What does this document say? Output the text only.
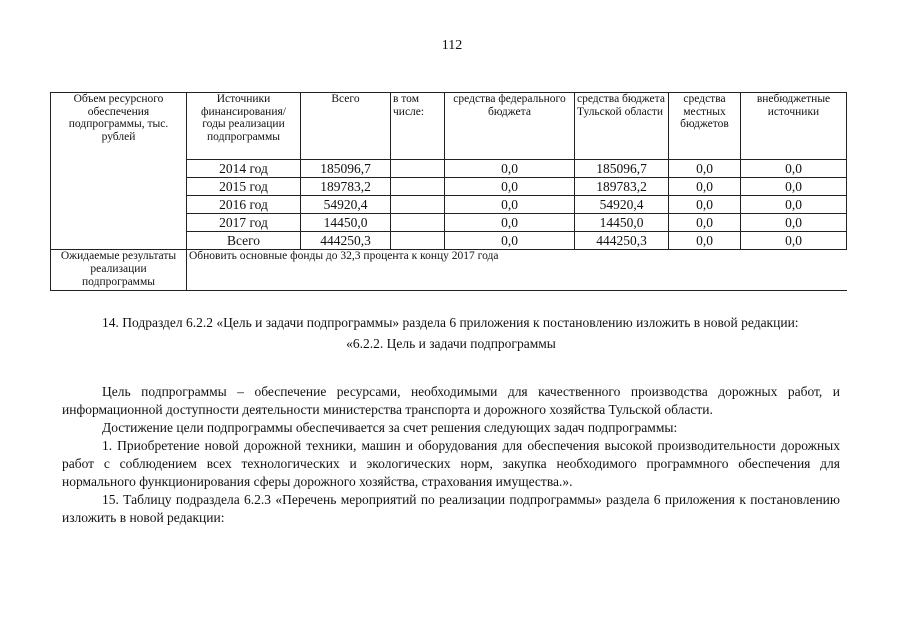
112
Объем ресурсного обеспечения подпрограммы, тыс. рублей	Источники финансирования/ годы реализации подпрограммы	Всего	в том числе:	средства федерального бюджета	средства бюджета Тульской области	средства местных бюджетов	внебюджетные источники
	2014 год	185096,7		0,0	185096,7	0,0	0,0
	2015 год	189783,2		0,0	189783,2	0,0	0,0
	2016 год	54920,4		0,0	54920,4	0,0	0,0
	2017 год	14450,0		0,0	14450,0	0,0	0,0
	Всего	444250,3		0,0	444250,3	0,0	0,0
Ожидаемые результаты реализации подпрограммы	Обновить основные фонды до 32,3 процента к концу 2017 года						

14. Подраздел 6.2.2 «Цель и задачи подпрограммы» раздела 6 приложения к постановлению изложить в новой редакции:

«6.2.2. Цель и задачи подпрограммы

Цель подпрограммы – обеспечение ресурсами, необходимыми для качественного производства дорожных работ, и информационной доступности деятельности министерства транспорта и дорожного хозяйства Тульской области.

Достижение цели подпрограммы обеспечивается за счет решения следующих задач подпрограммы:

1. Приобретение новой дорожной техники, машин и оборудования для обеспечения высокой производительности дорожных работ с соблюдением всех технологических и экологических норм, закупка необходимого программного обеспечения для нормального функционирования сферы дорожного хозяйства, страхования имущества.».

15. Таблицу подраздела 6.2.3 «Перечень мероприятий по реализации подпрограммы» раздела 6 приложения к постановлению изложить в новой редакции:
